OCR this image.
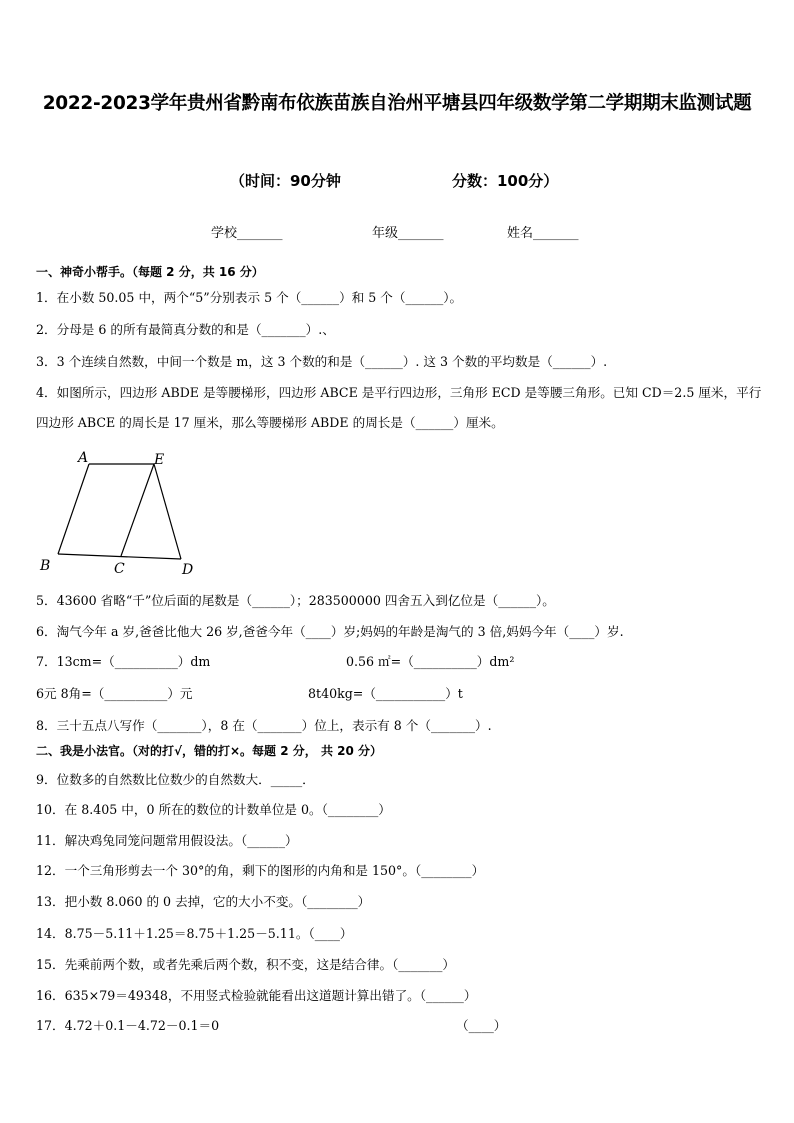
2022-2023学年贵州省黔南布依族苗族自治州平塘县四年级数学第二学期期末监测试题
（时间：90分钟	分数：100分）
学校_______	年级_______	姓名_______
一、神奇小帮手。（每题 2 分，共 16 分）
1．在小数 50.05 中，两个“5”分别表示 5 个（______）和 5 个（______）。
2．分母是 6 的所有最简真分数的和是（_______）.、
3．3 个连续自然数，中间一个数是 m，这 3 个数的和是（______）. 这 3 个数的平均数是（______）.
4．如图所示，四边形 ABDE 是等腰梯形，四边形 ABCE 是平行四边形，三角形 ECD 是等腰三角形。已知 CD＝2.5 厘米，平行四边形 ABCE 的周长是 17 厘米，那么等腰梯形 ABDE 的周长是（______）厘米。
A	E
B	C	D
5．43600 省略“千”位后面的尾数是（______）；283500000 四舍五入到亿位是（______）。
6．淘气今年 a 岁,爸爸比他大 26 岁,爸爸今年（____）岁;妈妈的年龄是淘气的 3 倍,妈妈今年（____）岁.
7．13cm=（__________）dm	0.56 ㎡=（__________）dm²
6元 8角=（__________）元	8t40kg=（___________）t
8．三十五点八写作（_______），8 在（_______）位上，表示有 8 个（_______）.
二、我是小法官。（对的打√，错的打×。每题 2 分， 共 20 分）
9．位数多的自然数比位数少的自然数大．_____．
10．在 8.405 中，0 所在的数位的计数单位是 0。（________）
11．解决鸡兔同笼问题常用假设法。（______）
12．一个三角形剪去一个 30°的角，剩下的图形的内角和是 150°。（________）
13．把小数 8.060 的 0 去掉，它的大小不变。（________）
14．8.75－5.11＋1.25＝8.75＋1.25－5.11。（____）
15．先乘前两个数，或者先乘后两个数，积不变，这是结合律。（_______）
16．635×79＝49348，不用竖式检验就能看出这道题计算出错了。（______）
17．4.72＋0.1－4.72－0.1＝0	（____）
